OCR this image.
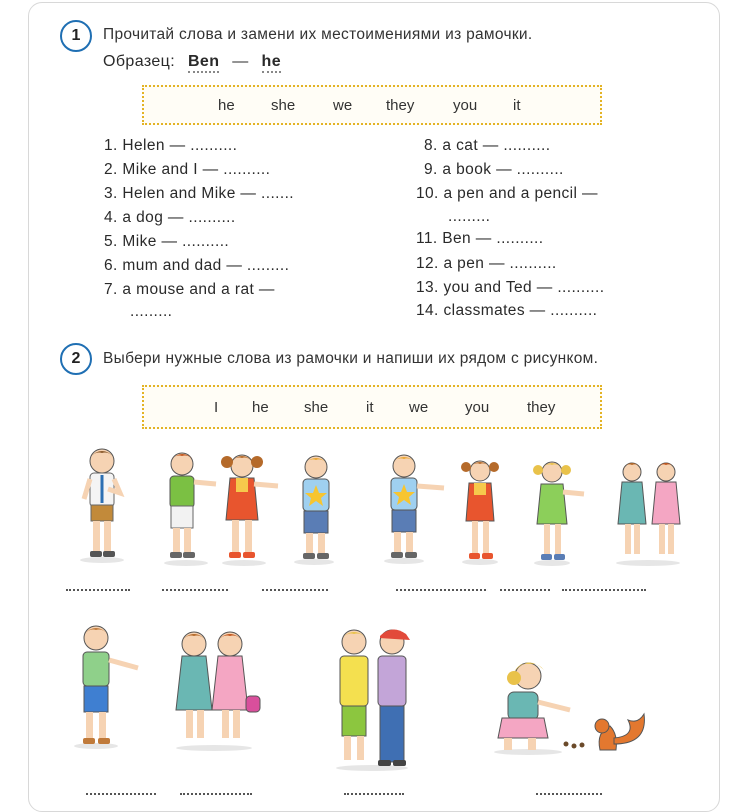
1	Прочитай слова и замени их местоимениями из рамочки.
Образец: Ben — he
he she	we they	you it
1. Helen — ..........
2. Mike and I — ..........
3. Helen and Mike — .......
4. a dog — ..........
5. Mike — ..........
6. mum and dad — .........
7. a mouse and a rat —
.........
8. a cat — ..........
9. a book — ..........
10. a pen and a pencil —
.........
11. Ben — ..........
12. a pen — ..........
13. you and Ted — ..........
14. classmates — ..........
2	Выбери нужные слова из рамочки и напиши их рядом с рисунком.
I he she	it we you	they
